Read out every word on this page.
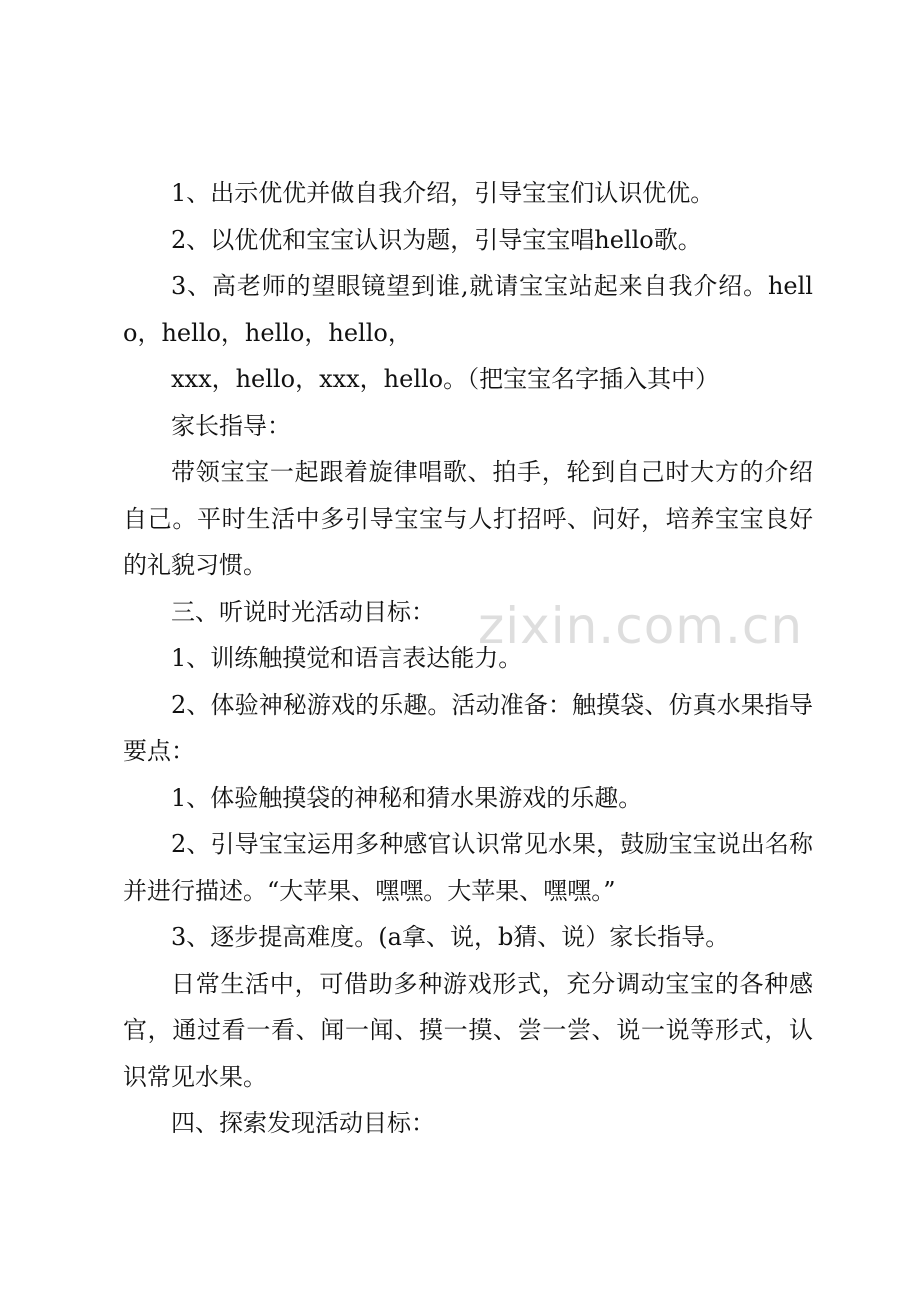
1、出示优优并做自我介绍，引导宝宝们认识优优。

2、以优优和宝宝认识为题，引导宝宝唱hello歌。

3、高老师的望眼镜望到谁,就请宝宝站起来自我介绍。hello，hello，hello，hello，

xxx，hello，xxx，hello。（把宝宝名字插入其中）

家长指导：

带领宝宝一起跟着旋律唱歌、拍手，轮到自己时大方的介绍自己。平时生活中多引导宝宝与人打招呼、问好，培养宝宝良好的礼貌习惯。

三、听说时光活动目标：

1、训练触摸觉和语言表达能力。

2、体验神秘游戏的乐趣。活动准备：触摸袋、仿真水果指导要点：

1、体验触摸袋的神秘和猜水果游戏的乐趣。

2、引导宝宝运用多种感官认识常见水果，鼓励宝宝说出名称并进行描述。“大苹果、嘿嘿。大苹果、嘿嘿。”

3、逐步提高难度。(a拿、说，b猜、说）家长指导。

日常生活中，可借助多种游戏形式，充分调动宝宝的各种感官，通过看一看、闻一闻、摸一摸、尝一尝、说一说等形式，认识常见水果。

四、探索发现活动目标：

zixin.com.cn
